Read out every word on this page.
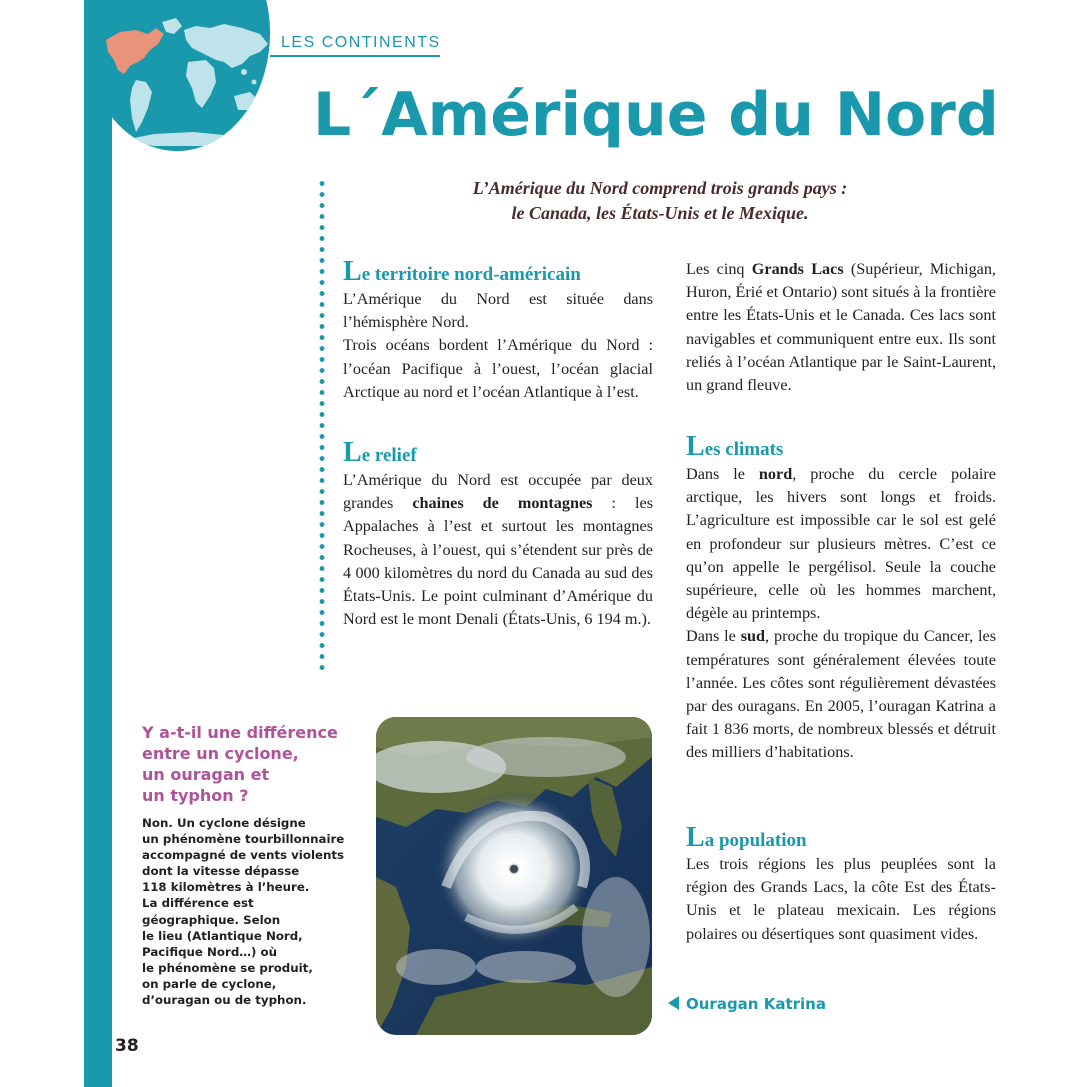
LES CONTINENTS
L´Amérique du Nord
L’Amérique du Nord comprend trois grands pays :
le Canada, les États-Unis et le Mexique.
Le territoire nord-américain

L’Amérique du Nord est située dans l’hémisphère Nord.

Trois océans bordent l’Amérique du Nord : l’océan Pacifique à l’ouest, l’océan glacial Arctique au nord et l’océan Atlantique à l’est.

Le relief

L’Amérique du Nord est occupée par deux grandes chaines de montagnes : les Appalaches à l’est et surtout les montagnes Rocheuses, à l’ouest, qui s’étendent sur près de 4 000 kilomètres du nord du Canada au sud des États-Unis. Le point culminant d’Amérique du Nord est le mont Denali (États-Unis, 6 194 m.).

Les cinq Grands Lacs (Supérieur, Michigan, Huron, Érié et Ontario) sont situés à la frontière entre les États-Unis et le Canada. Ces lacs sont navigables et communiquent entre eux. Ils sont reliés à l’océan Atlantique par le Saint-Laurent, un grand fleuve.

Les climats

Dans le nord, proche du cercle polaire arctique, les hivers sont longs et froids. L’agriculture est impossible car le sol est gelé en profondeur sur plusieurs mètres. C’est ce qu’on appelle le pergélisol. Seule la couche supérieure, celle où les hommes marchent, dégèle au printemps.

Dans le sud, proche du tropique du Cancer, les températures sont généralement élevées toute l’année. Les côtes sont régulièrement dévastées par des ouragans. En 2005, l’ouragan Katrina a fait 1 836 morts, de nombreux blessés et détruit des milliers d’habitations.

La population

Les trois régions les plus peuplées sont la région des Grands Lacs, la côte Est des États-Unis et le plateau mexicain. Les régions polaires ou désertiques sont quasiment vides.

Y a-t-il une différence
entre un cyclone,
un ouragan et
un typhon ?
Non. Un cyclone désigne
un phénomène tourbillonnaire
accompagné de vents violents
dont la vitesse dépasse
118 kilomètres à l’heure.
La différence est
géographique. Selon
le lieu (Atlantique Nord,
Pacifique Nord…) où
le phénomène se produit,
on parle de cyclone,
d’ouragan ou de typhon.	Ouragan Katrina
38
